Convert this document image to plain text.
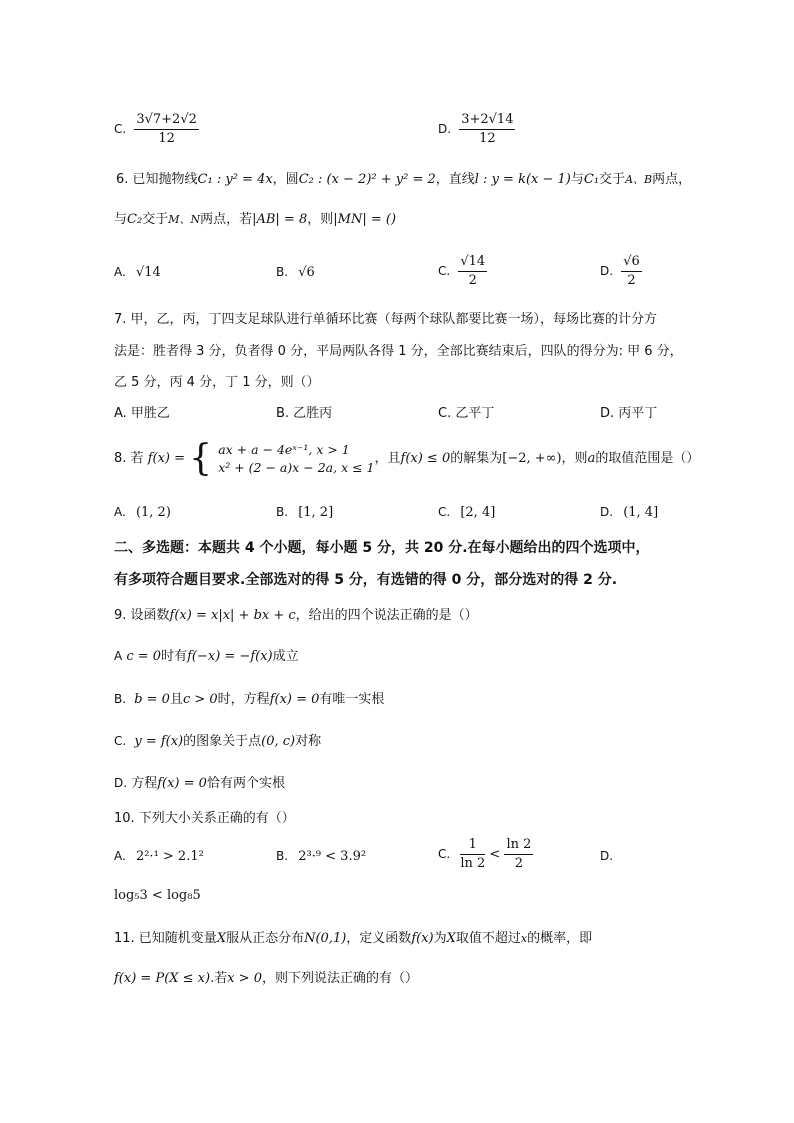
C. $\frac{3√7+2√2}{12}$	D. $\frac{3+2√14}{12}$
6. 已知抛物线C₁ : y² = 4x，圆C₂ : (x − 2)² + y² = 2，直线l : y = k(x − 1)与C₁交于A、B两点，
与C₂交于M、N两点，若|AB| = 8，则|MN| = ()
A. √14	B. √6	C. $\frac{√14}{2}$	D. $\frac{√6}{2}$
7. 甲，乙，丙，丁四支足球队进行单循环比赛（每两个球队都要比赛一场），每场比赛的计分方
法是：胜者得 3 分，负者得 0 分，平局两队各得 1 分，全部比赛结束后，四队的得分为: 甲 6 分，
乙 5 分，丙 4 分，丁 1 分，则（）
A. 甲胜乙	B. 乙胜丙	C. 乙平丁	D. 丙平丁
8. 若 f(x) = { ax + a − 4eˣ⁻¹, x > 1
x² + (2 − a)x − 2a, x ≤ 1
，且f(x) ≤ 0的解集为[−2, +∞)，则a的取值范围是（）
A. (1, 2)	B. [1, 2]	C. [2, 4]	D. (1, 4]
二、多选题：本题共 4 个小题，每小题 5 分，共 20 分.在每小题给出的四个选项中，
有多项符合题目要求.全部选对的得 5 分，有选错的得 0 分，部分选对的得 2 分.
9. 设函数f(x) = x|x| + bx + c，给出的四个说法正确的是（）
A c = 0时有f(−x) = −f(x)成立
B. b = 0且c > 0时，方程f(x) = 0有唯一实根
C. y = f(x)的图象关于点(0, c)对称
D. 方程f(x) = 0恰有两个实根
10. 下列大小关系正确的有（）
A. 2²·¹ > 2.1²	B. 2³·⁹ < 3.9²	C. $\frac{1}{\ln 2} < \frac{\ln 2}{2}$	D.
log₅3 < log₈5
11. 已知随机变量X服从正态分布N(0,1)，定义函数f(x)为X取值不超过x的概率，即
f(x) = P(X ≤ x).若x > 0，则下列说法正确的有（）
